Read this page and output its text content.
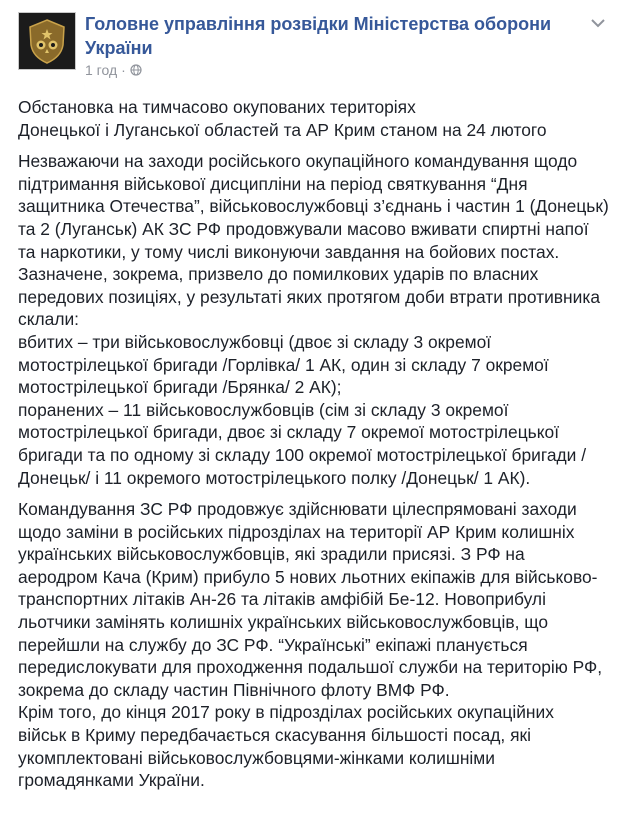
Головне управління розвідки Міністерства оборони України
1 год ·

Обстановка на тимчасово окупованих територіях
Донецької і Луганської областей та АР Крим станом на 24 лютого

Незважаючи на заходи російського окупаційного командування щодо
підтримання військової дисципліни на період святкування “Дня
защитника Отечества”, військовослужбовці з’єднань і частин 1 (Донецьк)
та 2 (Луганськ) АК ЗС РФ продовжували масово вживати спиртні напої
та наркотики, у тому числі виконуючи завдання на бойових постах.
Зазначене, зокрема, призвело до помилкових ударів по власних
передових позиціях, у результаті яких протягом доби втрати противника
склали:
вбитих – три військовослужбовці (двоє зі складу 3 окремої
мотострілецької бригади /Горлівка/ 1 АК, один зі складу 7 окремої
мотострілецької бригади /Брянка/ 2 АК);
поранених – 11 військовослужбовців (сім зі складу 3 окремої
мотострілецької бригади, двоє зі складу 7 окремої мотострілецької
бригади та по одному зі складу 100 окремої мотострілецької бригади /
Донецьк/ і 11 окремого мотострілецького полку /Донецьк/ 1 АК).

Командування ЗС РФ продовжує здійснювати цілеспрямовані заходи
щодо заміни в російських підрозділах на території АР Крим колишніх
українських військовослужбовців, які зрадили присязі. З РФ на
аеродром Кача (Крим) прибуло 5 нових льотних екіпажів для військово-
транспортних літаків Ан-26 та літаків амфібій Бе-12. Новоприбулі
льотчики замінять колишніх українських військовослужбовців, що
перейшли на службу до ЗС РФ. “Українські” екіпажі планується
передислокувати для проходження подальшої служби на територію РФ,
зокрема до складу частин Північного флоту ВМФ РФ.
Крім того, до кінця 2017 року в підрозділах російських окупаційних
військ в Криму передбачається скасування більшості посад, які
укомплектовані військовослужбовцями-жінками колишніми
громадянками України.
